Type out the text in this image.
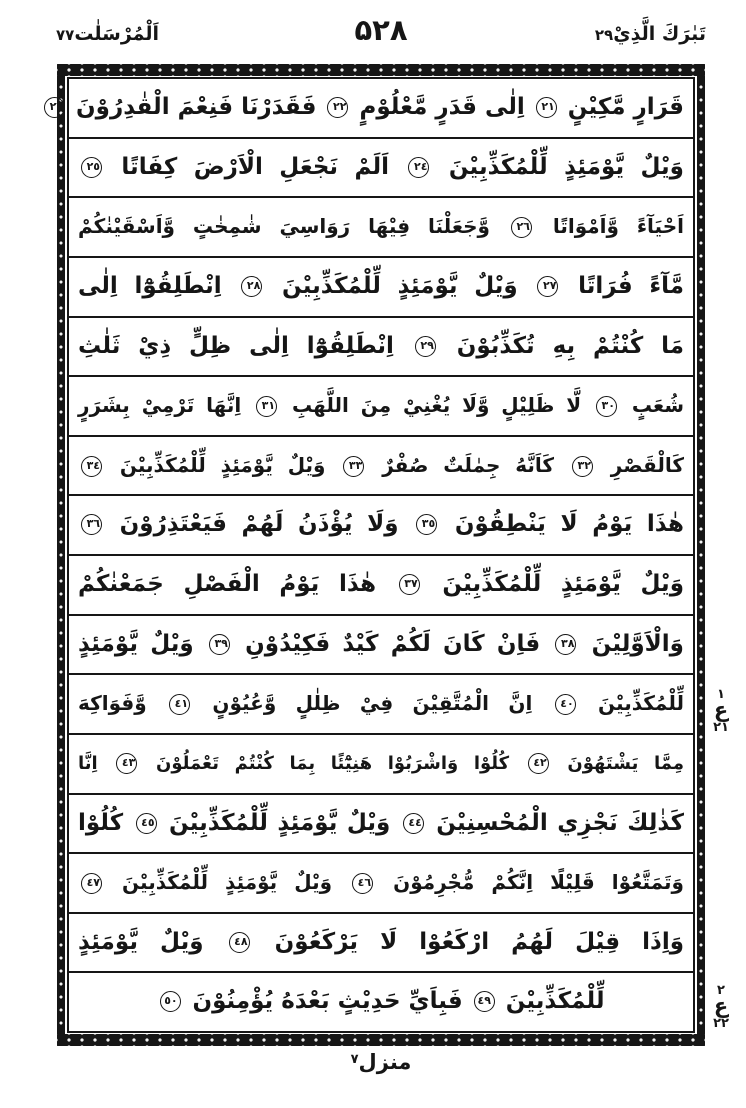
تَبٰرَكَ الَّذِيْ٢٩
۵۲۸
اَلْمُرْسَلٰت٧٧
قَرَارٍ مَّكِيْنٍ ٢١ اِلٰى قَدَرٍ مَّعْلُوْمٍ ٢٢ فَقَدَرْنَا فَنِعْمَ الْقٰدِرُوْنَ ٢٣
وَيْلٌ يَّوْمَئِذٍ لِّلْمُكَذِّبِيْنَ ٢٤ اَلَمْ نَجْعَلِ الْاَرْضَ كِفَاتًا ٢٥
اَحْيَآءً وَّاَمْوَاتًا ٢٦ وَّجَعَلْنَا فِيْهَا رَوَاسِيَ شٰمِخٰتٍ وَّاَسْقَيْنٰكُمْ
مَّآءً فُرَاتًا ٢٧ وَيْلٌ يَّوْمَئِذٍ لِّلْمُكَذِّبِيْنَ ٢٨ اِنْطَلِقُوْٓا اِلٰى
مَا كُنْتُمْ بِهِ تُكَذِّبُوْنَ ٢٩ اِنْطَلِقُوْٓا اِلٰى ظِلٍّ ذِيْ ثَلٰثِ
شُعَبٍ ٣٠ لَّا ظَلِيْلٍ وَّلَا يُغْنِيْ مِنَ اللَّهَبِ ٣١ اِنَّهَا تَرْمِيْ بِشَرَرٍ
كَالْقَصْرِ ٣٢ كَاَنَّهُ جِمٰلَتٌ صُفْرٌ ٣٣ وَيْلٌ يَّوْمَئِذٍ لِّلْمُكَذِّبِيْنَ ٣٤
هٰذَا يَوْمُ لَا يَنْطِقُوْنَ ٣٥ وَلَا يُؤْذَنُ لَهُمْ فَيَعْتَذِرُوْنَ ٣٦
وَيْلٌ يَّوْمَئِذٍ لِّلْمُكَذِّبِيْنَ ٣٧ هٰذَا يَوْمُ الْفَصْلِ جَمَعْنٰكُمْ
وَالْاَوَّلِيْنَ ٣٨ فَاِنْ كَانَ لَكُمْ كَيْدٌ فَكِيْدُوْنِ ٣٩ وَيْلٌ يَّوْمَئِذٍ
لِّلْمُكَذِّبِيْنَ ٤٠ اِنَّ الْمُتَّقِيْنَ فِيْ ظِلٰلٍ وَّعُيُوْنٍ ٤١ وَّفَوَاكِهَ
مِمَّا يَشْتَهُوْنَ ٤٢ كُلُوْا وَاشْرَبُوْا هَنِيْٓئًا بِمَا كُنْتُمْ تَعْمَلُوْنَ ٤٣ اِنَّا
كَذٰلِكَ نَجْزِي الْمُحْسِنِيْنَ ٤٤ وَيْلٌ يَّوْمَئِذٍ لِّلْمُكَذِّبِيْنَ ٤٥ كُلُوْا
وَتَمَتَّعُوْا قَلِيْلًا اِنَّكُمْ مُّجْرِمُوْنَ ٤٦ وَيْلٌ يَّوْمَئِذٍ لِّلْمُكَذِّبِيْنَ ٤٧
وَاِذَا قِيْلَ لَهُمُ ارْكَعُوْا لَا يَرْكَعُوْنَ ٤٨ وَيْلٌ يَّوْمَئِذٍ
لِّلْمُكَذِّبِيْنَ ٤٩ فَبِاَيِّ حَدِيْثٍ بَعْدَهُ يُؤْمِنُوْنَ ٥٠
١
ع
٢١
٢
ع
٢٢
منزل$^٧$
